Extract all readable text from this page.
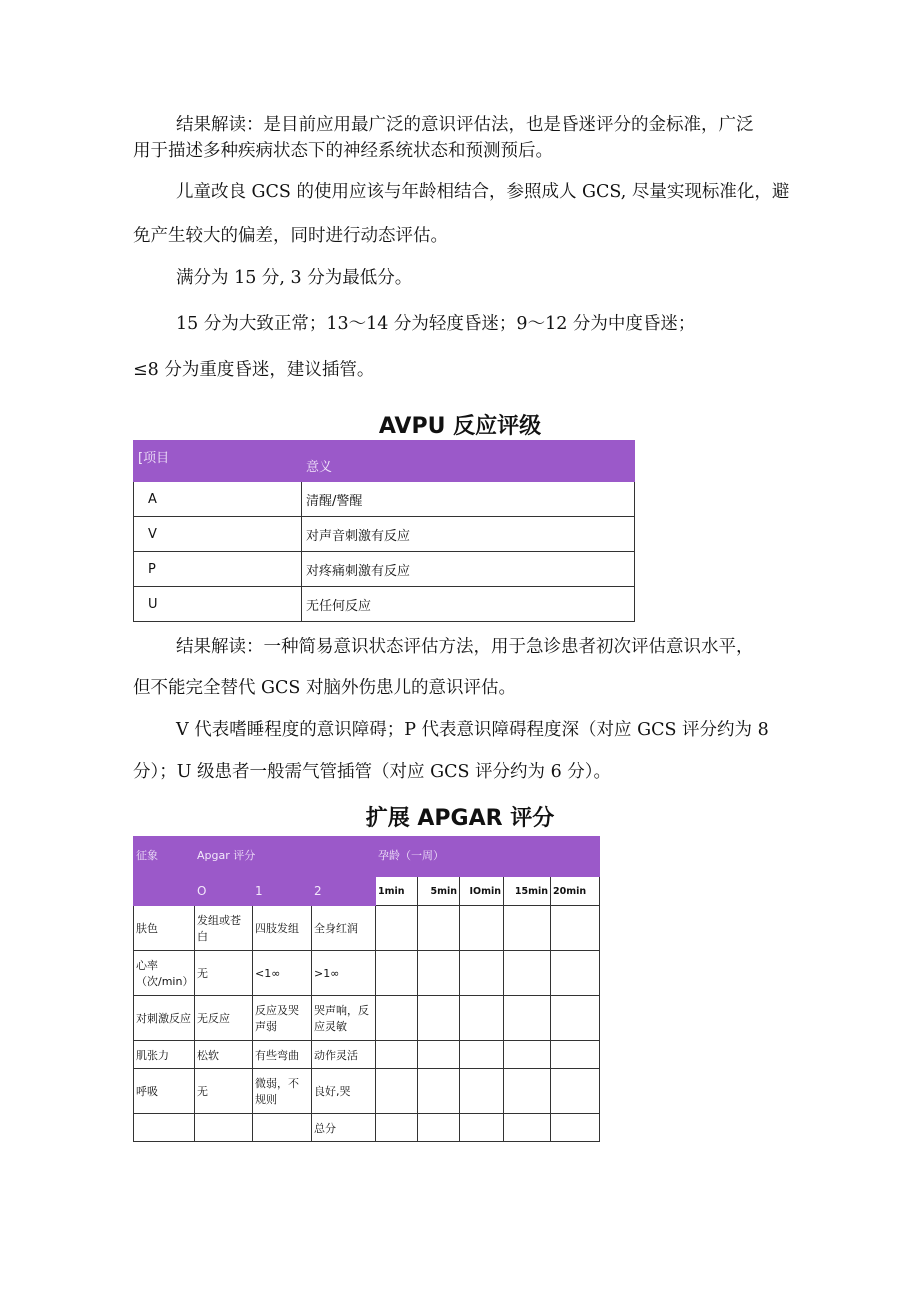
结果解读：是目前应用最广泛的意识评估法，也是昏迷评分的金标准，广泛
用于描述多种疾病状态下的神经系统状态和预测预后。
儿童改良 GCS 的使用应该与年龄相结合，参照成人 GCS, 尽量实现标准化，避
免产生较大的偏差，同时进行动态评估。
满分为 15 分, 3 分为最低分。
15 分为大致正常；13～14 分为轻度昏迷；9～12 分为中度昏迷；
≤8 分为重度昏迷，建议插管。
AVPU 反应评级
[项目	意义
A	清醒/警醒
V	对声音刺激有反应
P	对疼痛刺激有反应
U	无任何反应
结果解读：一种简易意识状态评估方法，用于急诊患者初次评估意识水平，
但不能完全替代 GCS 对脑外伤患儿的意识评估。
V 代表嗜睡程度的意识障碍；P 代表意识障碍程度深（对应 GCS 评分约为 8
分）；U 级患者一般需气管插管（对应 GCS 评分约为 6 分）。
扩展 APGAR 评分
征象	Apgar 评分			孕龄（一周）				
	O	1	2	1min	5min	IOmin	15min	20min
肤色	发组或苍白	四肢发组	全身红润					
心率（次/min）	无	<1∞	>1∞					
对刺激反应	无反应	反应及哭声弱	哭声响，反应灵敏					
肌张力	松软	有些弯曲	动作灵活					
呼吸	无	微弱，不规则	良好,哭					
			总分					
